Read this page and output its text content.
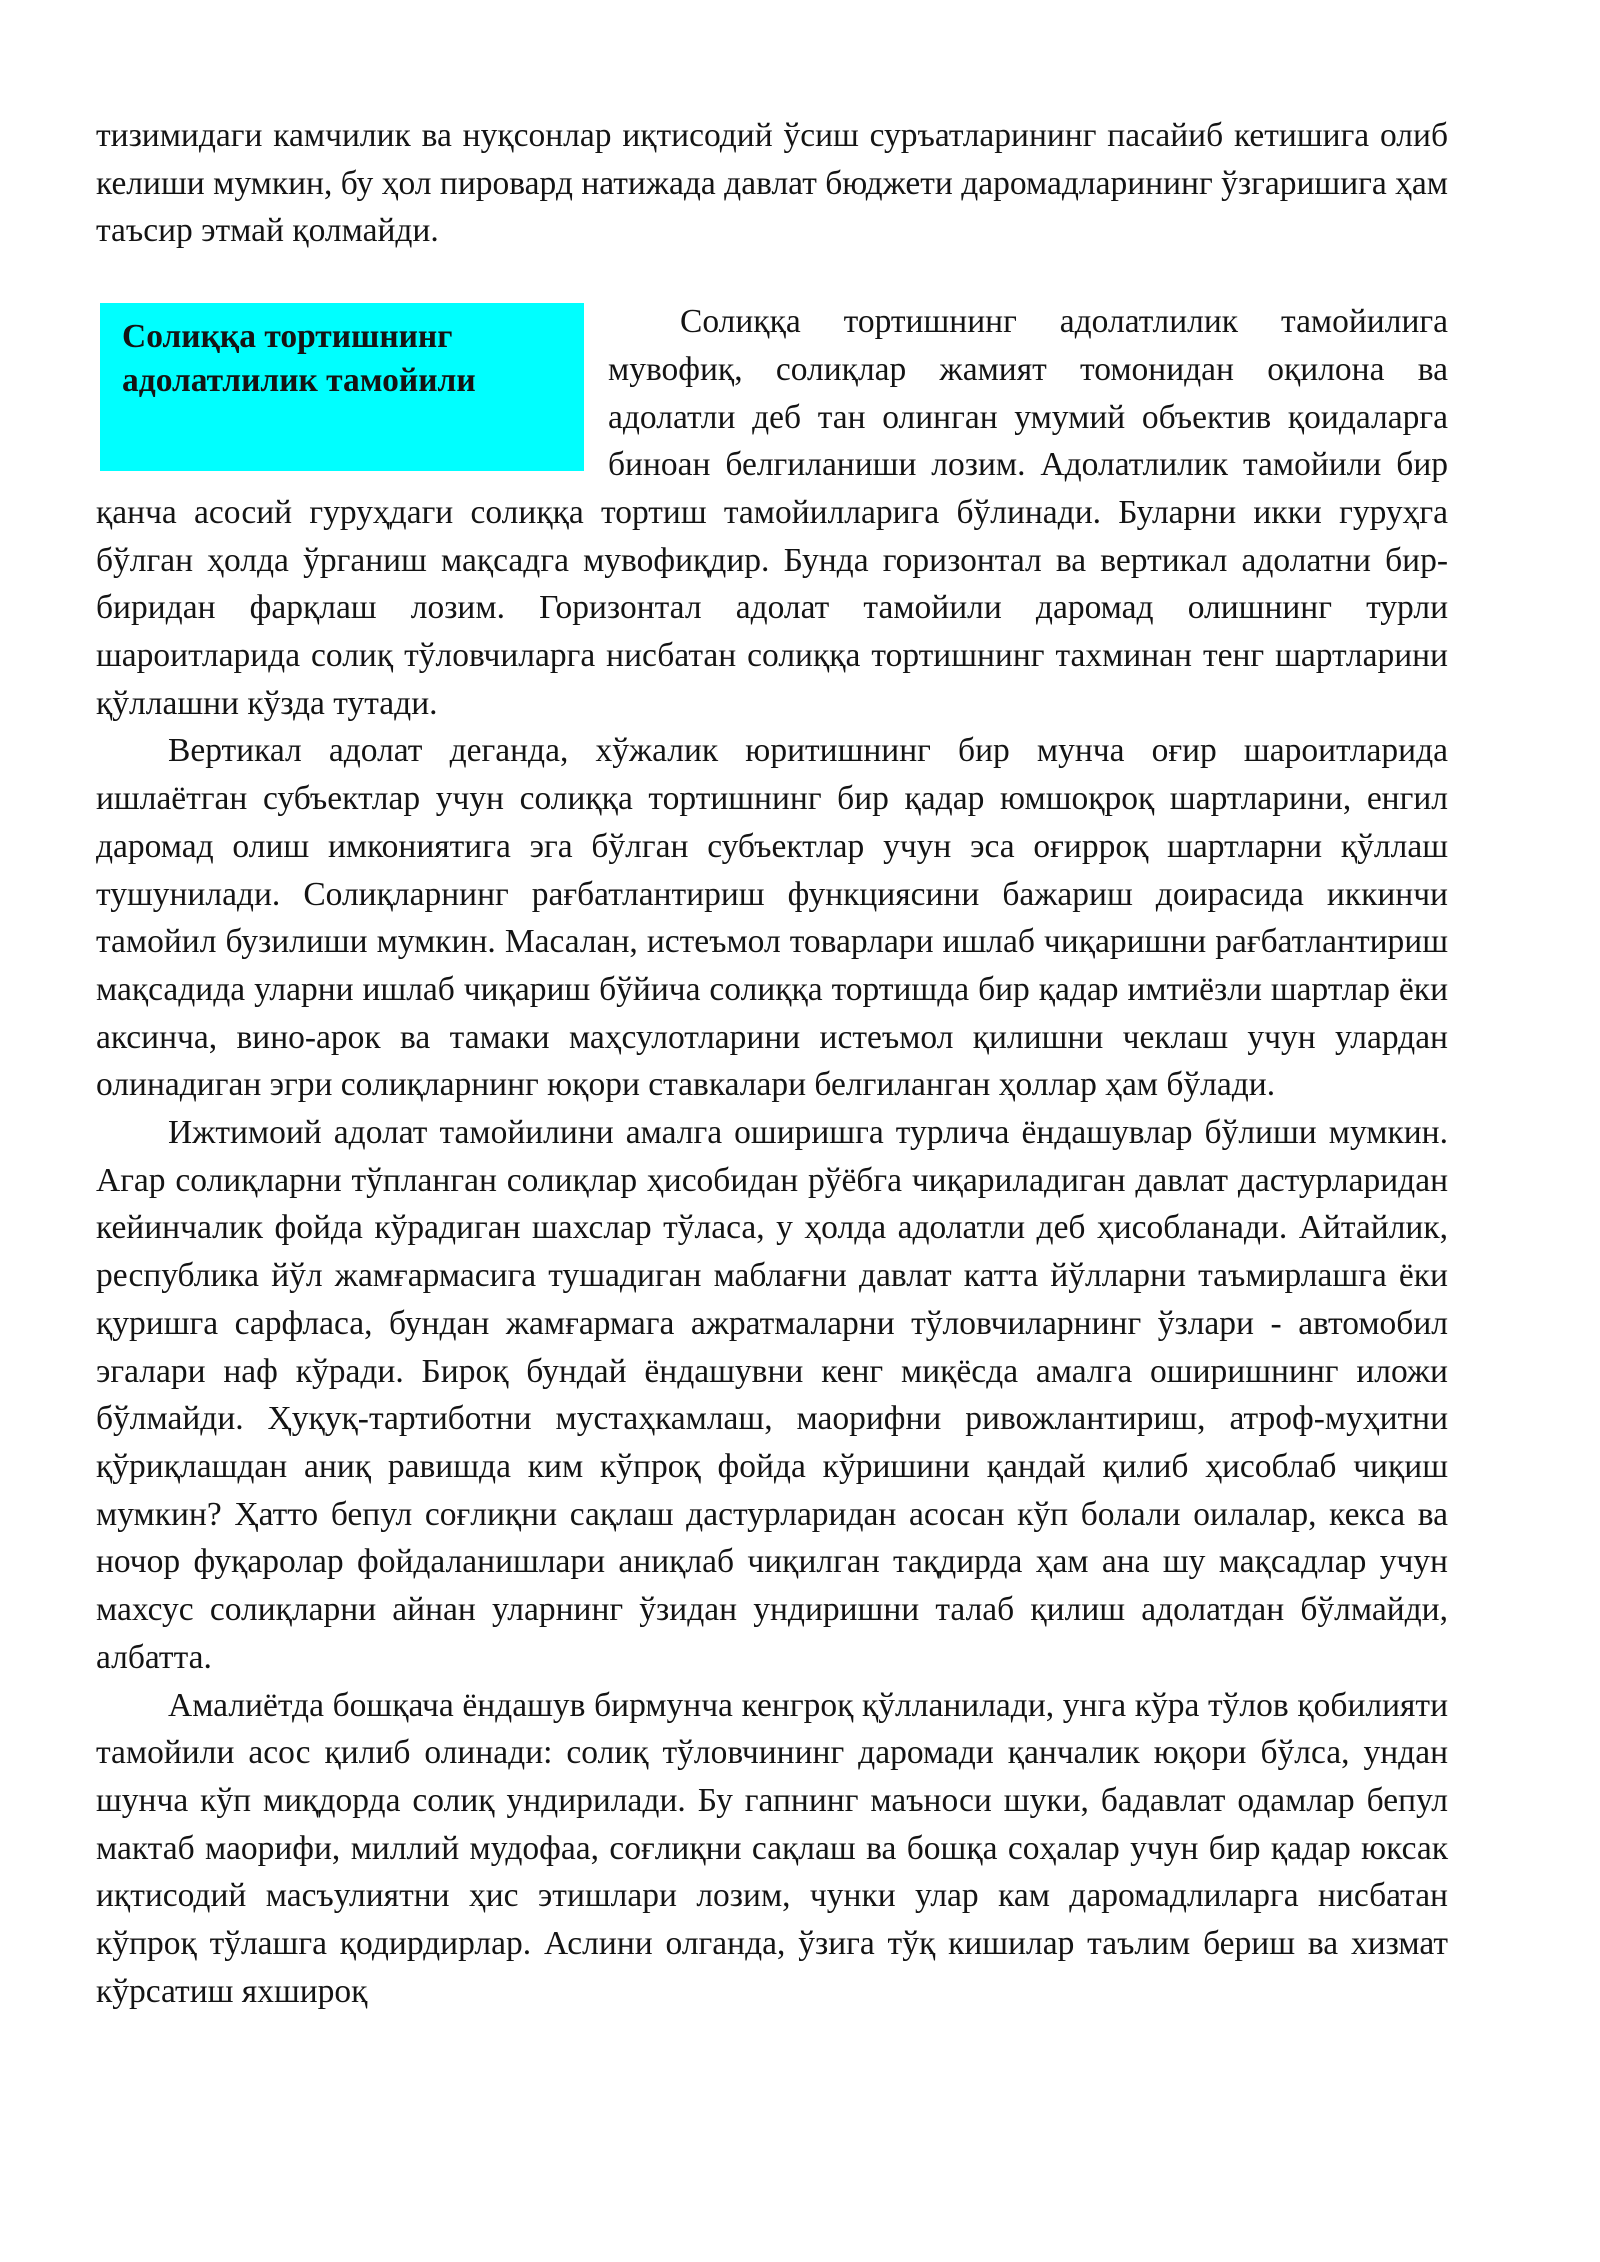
тизимидаги камчилик ва нуқсонлар иқтисодий ўсиш суръатларининг пасайиб кетишига олиб келиши мумкин, бу ҳол пировард натижада давлат бюджети даромадларининг ўзгаришига ҳам таъсир этмай қолмайди.

Солиққа тортишнинг адолатлилик тамойили

Солиққа тортишнинг адолатлилик тамойилига мувофиқ, солиқлар жамият томонидан оқилона ва адолатли деб тан олинган умумий объектив қоидаларга биноан белгиланиши лозим. Адолатлилик тамойили бир қанча асосий гуруҳдаги солиққа тортиш тамойилларига бўлинади. Буларни икки гуруҳга бўлган ҳолда ўрганиш мақсадга мувофиқдир. Бунда горизонтал ва вертикал адолатни бир-биридан фарқлаш лозим. Горизонтал адолат тамойили даромад олишнинг турли шароитларида солиқ тўловчиларга нисбатан солиққа тортишнинг тахминан тенг шартларини қўллашни кўзда тутади.

Вертикал адолат деганда, хўжалик юритишнинг бир мунча оғир шароитларида ишлаётган субъектлар учун солиққа тортишнинг бир қадар юмшоқроқ шартларини, енгил даромад олиш имкониятига эга бўлган субъектлар учун эса оғирроқ шартларни қўллаш тушунилади. Солиқларнинг рағбатлантириш функциясини бажариш доирасида иккинчи тамойил бузилиши мумкин. Масалан, истеъмол товарлари ишлаб чиқаришни рағбатлантириш мақсадида уларни ишлаб чиқариш бўйича солиққа тортишда бир қадар имтиёзли шартлар ёки аксинча, вино-арок ва тамаки маҳсулотларини истеъмол қилишни чеклаш учун улардан олинадиган эгри солиқларнинг юқори ставкалари белгиланган ҳоллар ҳам бўлади.

Ижтимоий адолат тамойилини амалга оширишга турлича ёндашувлар бўлиши мумкин. Агар солиқларни тўпланган солиқлар ҳисобидан рўёбга чиқариладиган давлат дастурларидан кейинчалик фойда кўрадиган шахслар тўласа, у ҳолда адолатли деб ҳисобланади. Айтайлик, республика йўл жамғармасига тушадиган маблағни давлат катта йўлларни таъмирлашга ёки қуришга сарфласа, бундан жамғармага ажратмаларни тўловчиларнинг ўзлари - автомобил эгалари наф кўради. Бироқ бундай ёндашувни кенг миқёсда амалга оширишнинг иложи бўлмайди. Ҳуқуқ-тартиботни мустаҳкамлаш, маорифни ривожлантириш, атроф-муҳитни қўриқлашдан аниқ равишда ким кўпроқ фойда кўришини қандай қилиб ҳисоблаб чиқиш мумкин? Ҳатто бепул соғлиқни сақлаш дастурларидан асосан кўп болали оилалар, кекса ва ночор фуқаролар фойдаланишлари аниқлаб чиқилган тақдирда ҳам ана шу мақсадлар учун махсус солиқларни айнан уларнинг ўзидан ундиришни талаб қилиш адолатдан бўлмайди, албатта.

Амалиётда бошқача ёндашув бирмунча кенгроқ қўлланилади, унга кўра тўлов қобилияти тамойили асос қилиб олинади: солиқ тўловчининг даромади қанчалик юқори бўлса, ундан шунча кўп миқдорда солиқ ундирилади. Бу гапнинг маъноси шуки, бадавлат одамлар бепул мактаб маорифи, миллий мудофаа, соғлиқни сақлаш ва бошқа соҳалар учун бир қадар юксак иқтисодий масъулиятни ҳис этишлари лозим, чунки улар кам даромадлиларга нисбатан кўпроқ тўлашга қодирдирлар. Аслини олганда, ўзига тўқ кишилар таълим бериш ва хизмат кўрсатиш яхшироқ
